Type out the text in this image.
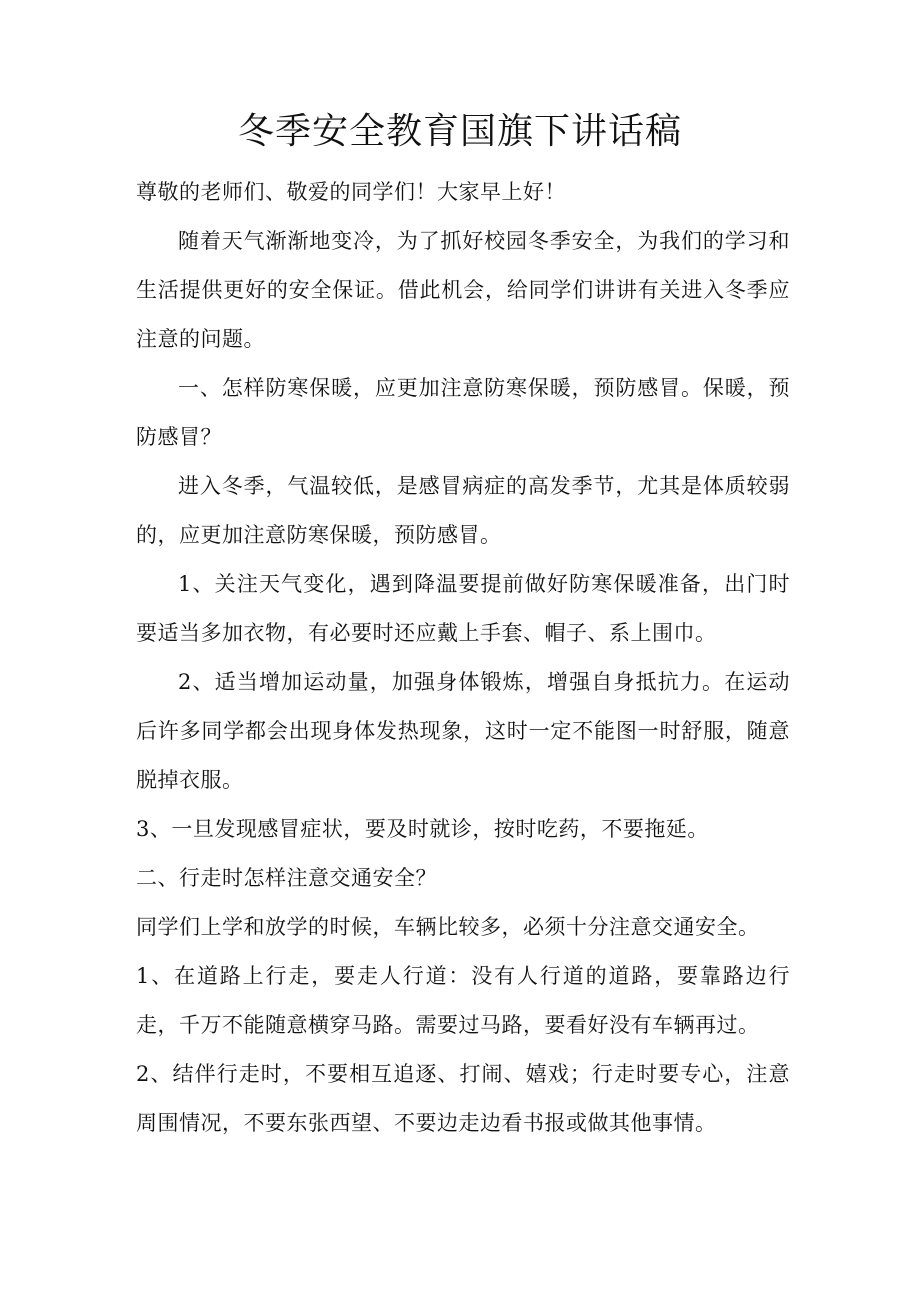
冬季安全教育国旗下讲话稿

尊敬的老师们、敬爱的同学们！大家早上好！

随着天气渐渐地变冷，为了抓好校园冬季安全，为我们的学习和生活提供更好的安全保证。借此机会，给同学们讲讲有关进入冬季应注意的问题。

一、怎样防寒保暖，应更加注意防寒保暖，预防感冒。保暖，预防感冒？

进入冬季，气温较低，是感冒病症的高发季节，尤其是体质较弱的，应更加注意防寒保暖，预防感冒。

1、关注天气变化，遇到降温要提前做好防寒保暖准备，出门时要适当多加衣物，有必要时还应戴上手套、帽子、系上围巾。

2、适当增加运动量，加强身体锻炼，增强自身抵抗力。在运动后许多同学都会出现身体发热现象，这时一定不能图一时舒服，随意脱掉衣服。

3、一旦发现感冒症状，要及时就诊，按时吃药，不要拖延。

二、行走时怎样注意交通安全？

同学们上学和放学的时候，车辆比较多，必须十分注意交通安全。

1、在道路上行走，要走人行道：没有人行道的道路，要靠路边行走，千万不能随意横穿马路。需要过马路，要看好没有车辆再过。

2、结伴行走时，不要相互追逐、打闹、嬉戏；行走时要专心，注意周围情况，不要东张西望、不要边走边看书报或做其他事情。
